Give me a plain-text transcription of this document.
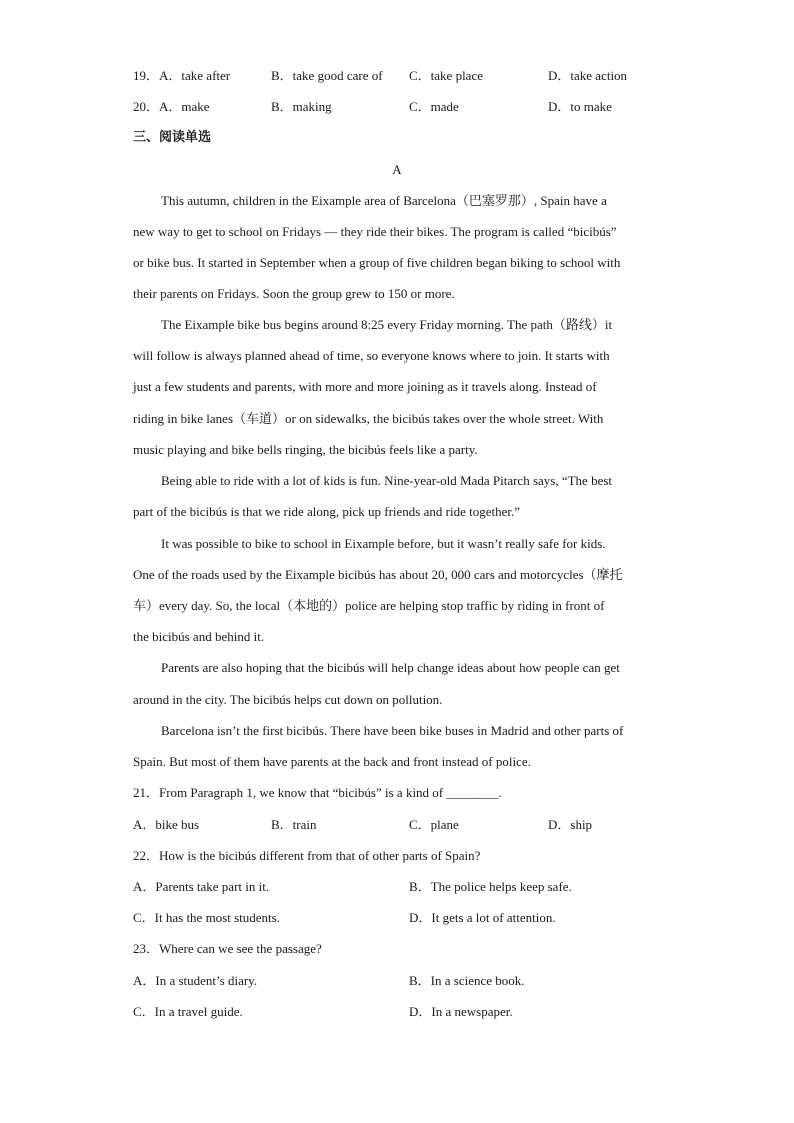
19．A．take after	B．take good care of C．take place	D．take action
20．A．make	B．making	C．made	D．to make
三、阅读单选
A
This autumn, children in the Eixample area of Barcelona（巴塞罗那）, Spain have a
new way to get to school on Fridays — they ride their bikes. The program is called “bicibús”
or bike bus. It started in September when a group of five children began biking to school with
their parents on Fridays. Soon the group grew to 150 or more.
The Eixample bike bus begins around 8:25 every Friday morning. The path（路线）it
will follow is always planned ahead of time, so everyone knows where to join. It starts with
just a few students and parents, with more and more joining as it travels along. Instead of
riding in bike lanes（车道）or on sidewalks, the bicibús takes over the whole street. With
music playing and bike bells ringing, the bicibús feels like a party.
Being able to ride with a lot of kids is fun. Nine-year-old Mada Pitarch says, “The best
part of the bicibús is that we ride along, pick up friends and ride together.”
It was possible to bike to school in Eixample before, but it wasn’t really safe for kids.
One of the roads used by the Eixample bicibús has about 20, 000 cars and motorcycles（摩托
车）every day. So, the local（本地的）police are helping stop traffic by riding in front of
the bicibús and behind it.
Parents are also hoping that the bicibús will help change ideas about how people can get
around in the city. The bicibús helps cut down on pollution.
Barcelona isn’t the first bicibús. There have been bike buses in Madrid and other parts of
Spain. But most of them have parents at the back and front instead of police.
21．From Paragraph 1, we know that “bicibús” is a kind of ________.
A．bike bus	B．train	C．plane	D．ship
22．How is the bicibús different from that of other parts of Spain?
A．Parents take part in it.	B．The police helps keep safe.
C．It has the most students.	D．It gets a lot of attention.
23．Where can we see the passage?
A．In a student’s diary.	B．In a science book.
C．In a travel guide.	D．In a newspaper.
